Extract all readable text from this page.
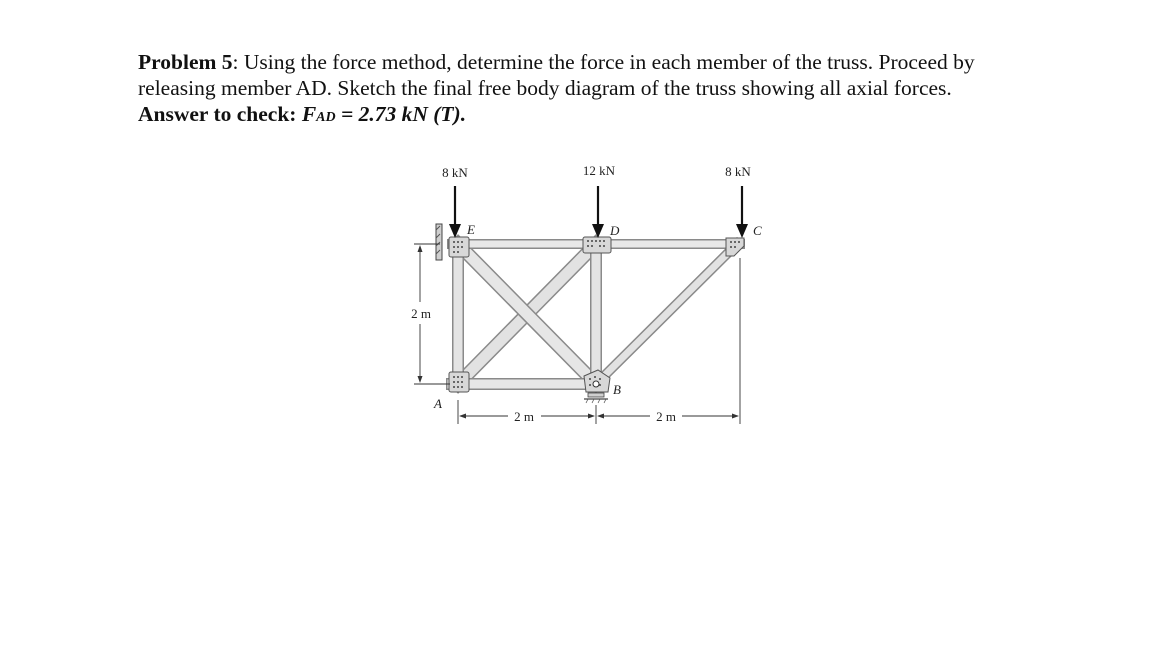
Problem 5: Using the force method, determine the force in each member of the truss. Proceed by
releasing member AD. Sketch the final free body diagram of the truss showing all axial forces.
Answer to check: FAD = 2.73 kN (T).
8 kN	12 kN	8 kN
E	D	C
A
B
2 m
2 m	2 m
